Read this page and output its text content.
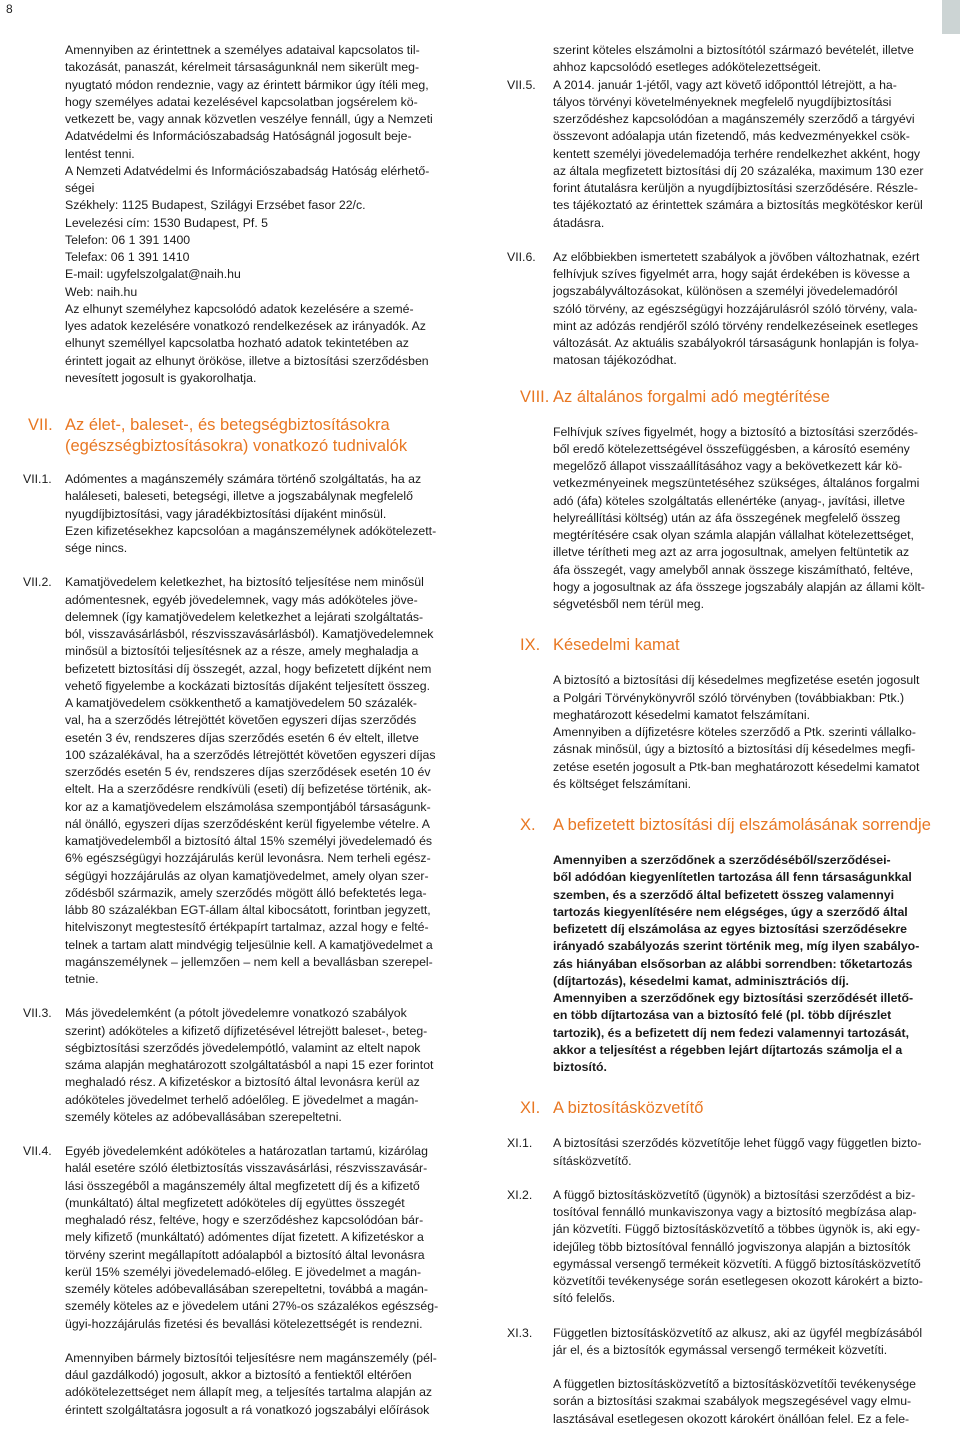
8

Amennyiben az érintettnek a személyes adataival kapcsolatos til-
takozását, panaszát, kérelmeit társaságunknál nem sikerült meg-
nyugtató módon rendeznie, vagy az érintett bármikor úgy ítéli meg,
hogy személyes adatai kezelésével kapcsolatban jogsérelem kö-
vetkezett be, vagy annak közvetlen veszélye fennáll, úgy a Nemzeti
Adatvédelmi és Információszabadság Hatóságnál jogosult beje-
lentést tenni.

A Nemzeti Adatvédelmi és Információszabadság Hatóság elérhető-
ségei

Székhely: 1125 Budapest, Szilágyi Erzsébet fasor 22/c.
Levelezési cím: 1530 Budapest, Pf. 5
Telefon: 06 1 391 1400
Telefax: 06 1 391 1410
E-mail: ugyfelszolgalat@naih.hu
Web: naih.hu

Az elhunyt személyhez kapcsolódó adatok kezelésére a szemé-
lyes adatok kezelésére vonatkozó rendelkezések az irányadók. Az
elhunyt személlyel kapcsolatba hozható adatok tekintetében az
érintett jogait az elhunyt örököse, illetve a biztosítási szerződésben
nevesített jogosult is gyakorolhatja.

VII. Az élet-, baleset-, és betegségbiztosításokra
(egészségbiztosításokra) vonatkozó tudnivalók
VII.1.	Adómentes a magánszemély számára történő szolgáltatás, ha az
haláleseti, baleseti, betegségi, illetve a jogszabálynak megfelelő
nyugdíjbiztosítási, vagy járadékbiztosítási díjaként minősül.
Ezen kifizetésekhez kapcsolóan a magánszemélynek adókötelezett-
sége nincs.

VII.2.	Kamatjövedelem keletkezhet, ha biztosító teljesítése nem minősül
adómentesnek, egyéb jövedelemnek, vagy más adóköteles jöve-
delemnek (így kamatjövedelem keletkezhet a lejárati szolgáltatás-
ból, visszavásárlásból, részvisszavásárlásból). Kamatjövedelemnek
minősül a biztosítói teljesítésnek az a része, amely meghaladja a
befizetett biztosítási díj összegét, azzal, hogy befizetett díjként nem
vehető figyelembe a kockázati biztosítás díjaként teljesített összeg.
A kamatjövedelem csökkenthető a kamatjövedelem 50 százalék-
val, ha a szerződés létrejöttét követően egyszeri díjas szerződés
esetén 3 év, rendszeres díjas szerződés esetén 6 év eltelt, illetve
100 százalékával, ha a szerződés létrejöttét követően egyszeri díjas
szerződés esetén 5 év, rendszeres díjas szerződések esetén 10 év
eltelt. Ha a szerződésre rendkívüli (eseti) díj befizetése történik, ak-
kor az a kamatjövedelem elszámolása szempontjából társaságunk-
nál önálló, egyszeri díjas szerződésként kerül figyelembe vételre. A
kamatjövedelemből a biztosító által 15% személyi jövedelemadó és
6% egészségügyi hozzájárulás kerül levonásra. Nem terheli egész-
ségügyi hozzájárulás az olyan kamatjövedelmet, amely olyan szer-
ződésből származik, amely szerződés mögött álló befektetés lega-
lább 80 százalékban EGT-állam által kibocsátott, forintban jegyzett,
hitelviszonyt megtestesítő értékpapírt tartalmaz, azzal hogy e felté-
telnek a tartam alatt mindvégig teljesülnie kell. A kamatjövedelmet a
magánszemélynek – jellemzően – nem kell a bevallásban szerepel-
tetnie.

VII.3.	Más jövedelemként (a pótolt jövedelemre vonatkozó szabályok
szerint) adóköteles a kifizető díjfizetésével létrejött baleset-, beteg-
ségbiztosítási szerződés jövedelempótló, valamint az eltelt napok
száma alapján meghatározott szolgáltatásból a napi 15 ezer forintot
meghaladó rész. A kifizetéskor a biztosító által levonásra kerül az
adóköteles jövedelmet terhelő adóelőleg. E jövedelmet a magán-
személy köteles az adóbevallásában szerepeltetni.

VII.4.	Egyéb jövedelemként adóköteles a határozatlan tartamú, kizárólag
halál esetére szóló életbiztosítás visszavásárlási, részvisszavásár-
lási összegéből a magánszemély által megfizetett díj és a kifizető
(munkáltató) által megfizetett adóköteles díj együttes összegét
meghaladó rész, feltéve, hogy e szerződéshez kapcsolódóan bár-
mely kifizető (munkáltató) adómentes díjat fizetett. A kifizetéskor a
törvény szerint megállapított adóalapból a biztosító által levonásra
kerül 15% személyi jövedelemadó-előleg. E jövedelmet a magán-
személy köteles adóbevallásában szerepeltetni, továbbá a magán-
személy köteles az e jövedelem utáni 27%-os százalékos egészség-
ügyi-hozzájárulás fizetési és bevallási kötelezettségét is rendezni.

Amennyiben bármely biztosítói teljesítésre nem magánszemély (pél-
dául gazdálkodó) jogosult, akkor a biztosító a fentiektől eltérően
adókötelezettséget nem állapít meg, a teljesítés tartalma alapján az
érintett szolgáltatásra jogosult a rá vonatkozó jogszabályi előírások

szerint köteles elszámolni a biztosítótól származó bevételét, illetve
ahhoz kapcsolódó esetleges adókötelezettségeit.

VII.5.	A 2014. január 1-jétől, vagy azt követő időponttól létrejött, a ha-
tályos törvényi követelményeknek megfelelő nyugdíjbiztosítási
szerződéshez kapcsolódóan a magánszemély szerződő a tárgyévi
összevont adóalapja után fizetendő, más kedvezményekkel csök-
kentett személyi jövedelemadója terhére rendelkezhet akként, hogy
az általa megfizetett biztosítási díj 20 százaléka, maximum 130 ezer
forint átutalásra kerüljön a nyugdíjbiztosítási szerződésére. Részle-
tes tájékoztató az érintettek számára a biztosítás megkötéskor kerül
átadásra.

VII.6.	Az előbbiekben ismertetett szabályok a jövőben változhatnak, ezért
felhívjuk szíves figyelmét arra, hogy saját érdekében is kövesse a
jogszabályváltozásokat, különösen a személyi jövedelemadóról
szóló törvény, az egészségügyi hozzájárulásról szóló törvény, vala-
mint az adózás rendjéről szóló törvény rendelkezéseinek esetleges
változását. Az aktuális szabályokról társaságunk honlapján is folya-
matosan tájékozódhat.

VIII. Az általános forgalmi adó megtérítése

Felhívjuk szíves figyelmét, hogy a biztosító a biztosítási szerződés-
ből eredő kötelezettségével összefüggésben, a károsító esemény
megelőző állapot visszaállításához vagy a bekövetkezett kár kö-
vetkezményeinek megszüntetéséhez szükséges, általános forgalmi
adó (áfa) köteles szolgáltatás ellenértéke (anyag-, javítási, illetve
helyreállítási költség) után az áfa összegének megfelelő összeg
megtérítésére csak olyan számla alapján vállalhat kötelezettséget,
illetve térítheti meg azt az arra jogosultnak, amelyen feltüntetik az
áfa összegét, vagy amelyből annak összege kiszámítható, feltéve,
hogy a jogosultnak az áfa összege jogszabály alapján az állami költ-
ségvetésből nem térül meg.

IX. Késedelmi kamat

A biztosító a biztosítási díj késedelmes megfizetése esetén jogosult
a Polgári Törvénykönyvről szóló törvényben (továbbiakban: Ptk.)
meghatározott késedelmi kamatot felszámítani.

Amennyiben a díjfizetésre köteles szerződő a Ptk. szerinti vállalko-
zásnak minősül, úgy a biztosító a biztosítási díj késedelmes megfi-
zetése esetén jogosult a Ptk-ban meghatározott késedelmi kamatot
és költséget felszámítani.

X. A befizetett biztosítási díj elszámolásának sorrendje

Amennyiben a szerződőnek a szerződéséből/szerződései-
ből adódóan kiegyenlítetlen tartozása áll fenn társaságunkkal
szemben, és a szerződő által befizetett összeg valamennyi
tartozás kiegyenlítésére nem elégséges, úgy a szerződő által
befizetett díj elszámolása az egyes biztosítási szerződésekre
irányadó szabályozás szerint történik meg, míg ilyen szabályo-
zás hiányában elsősorban az alábbi sorrendben: tőketartozás
(díjtartozás), késedelmi kamat, adminisztrációs díj.

Amennyiben a szerződőnek egy biztosítási szerződését illető-
en több díjtartozása van a biztosító felé (pl. több díjrészlet
tartozik), és a befizetett díj nem fedezi valamennyi tartozását,
akkor a teljesítést a régebben lejárt díjtartozás számolja el a
biztosító.

XI. A biztosításközvetítő
XI.1.	A biztosítási szerződés közvetítője lehet függő vagy független bizto-
sításközvetítő.

XI.2.	A függő biztosításközvetítő (ügynök) a biztosítási szerződést a biz-
tosítóval fennálló munkaviszonya vagy a biztosító megbízása alap-
ján közvetíti. Függő biztosításközvetítő a többes ügynök is, aki egy-
idejűleg több biztosítóval fennálló jogviszonya alapján a biztosítók
egymással versengő termékeit közvetíti. A függő biztosításközvetítő
közvetítői tevékenysége során esetlegesen okozott károkért a bizto-
sító felelős.

XI.3.	Független biztosításközvetítő az alkusz, aki az ügyfél megbízásából
jár el, és a biztosítók egymással versengő termékeit közvetíti.

A független biztosításközvetítő a biztosításközvetítői tevékenysége
során a biztosítási szakmai szabályok megszegésével vagy elmu-
lasztásával esetlegesen okozott károkért önállóan felel. Ez a fele-
